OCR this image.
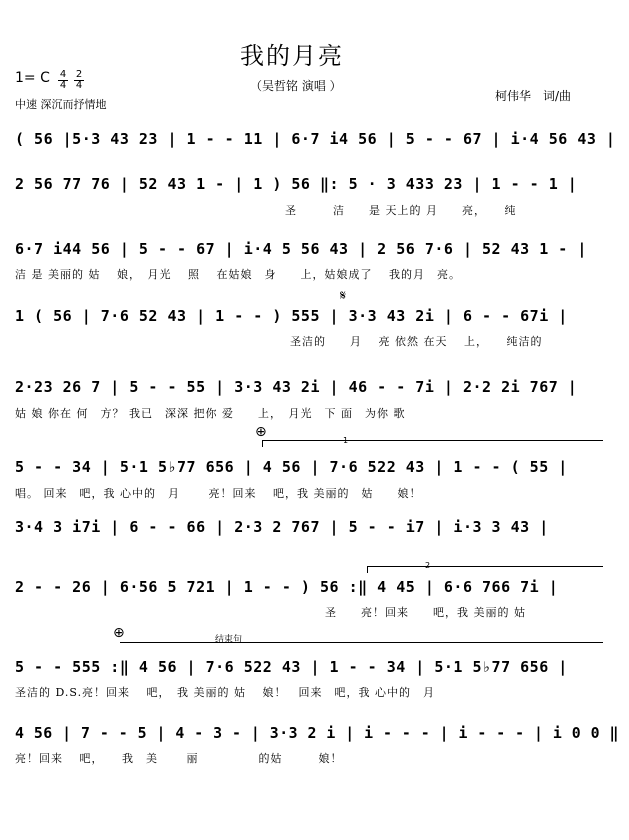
我的月亮
（吴哲铭 演唱 ）
柯伟华　词/曲
1= C 4
4
2
4
中速 深沉而抒情地
( 56 |5·3 43 23 | 1 - - 11 | 6·7 i4 56 | 5 - - 67 | i·4 56 43 |
2 56 77 76 | 52 43 1 - | 1 ) 56 ‖: 5 · 3 433 23 | 1 - - 1 |
圣　　　洁　　是 天上的 月　　亮，　　纯
6·7 i44 56 | 5 - - 67 | i·4 5 56 43 | 2 56 7·6 | 52 43 1 - |
洁 是 美丽的 姑　 娘，　月光　 照　 在姑娘　身　　上，姑娘成了　 我的月　亮。
𝄋
1 ( 56 | 7·6 52 43 | 1 - - ) 555 | 3·3 43 2i | 6 - - 67i |
圣洁的　　月　 亮 依然 在天　 上，　　纯洁的
2·23 26 7 | 5 - - 55 | 3·3 43 2i | 46 - - 7i | 2·2 2i 767 |
姑 娘 你在 何　方？ 我已　深深 把你 爱　　上，　月光　下 面　为你 歌
⊕
1
5 - - 34 | 5·1 5♭77 656 | 4 56 | 7·6 522 43 | 1 - - ( 55 |
唱。 回来　吧，我 心中的　月　　 亮！回来　 吧，我 美丽的　姑　　娘！
3·4 3 i7i | 6 - - 66 | 2·3 2 767 | 5 - - i7 | i·3 3 43 |
2
2 - - 26 | 6·56 5 721 | 1 - - ) 56 :‖ 4 45 | 6·6 766 7i |
圣　　亮！回来　　吧，我 美丽的 姑
⊕	结束句
5 - - 555 :‖ 4 56 | 7·6 522 43 | 1 - - 34 | 5·1 5♭77 656 |
圣洁的 D.S.亮！回来　 吧，　我 美丽的 姑　 娘！　回来　吧，我 心中的　月
4 56 | 7 - - 5 | 4 - 3 - | 3·3 2 i | i - - - | i - - - | i 0 0 ‖
亮！回来　 吧，　　我　美　　 丽　　　　　的姑　　　娘！
